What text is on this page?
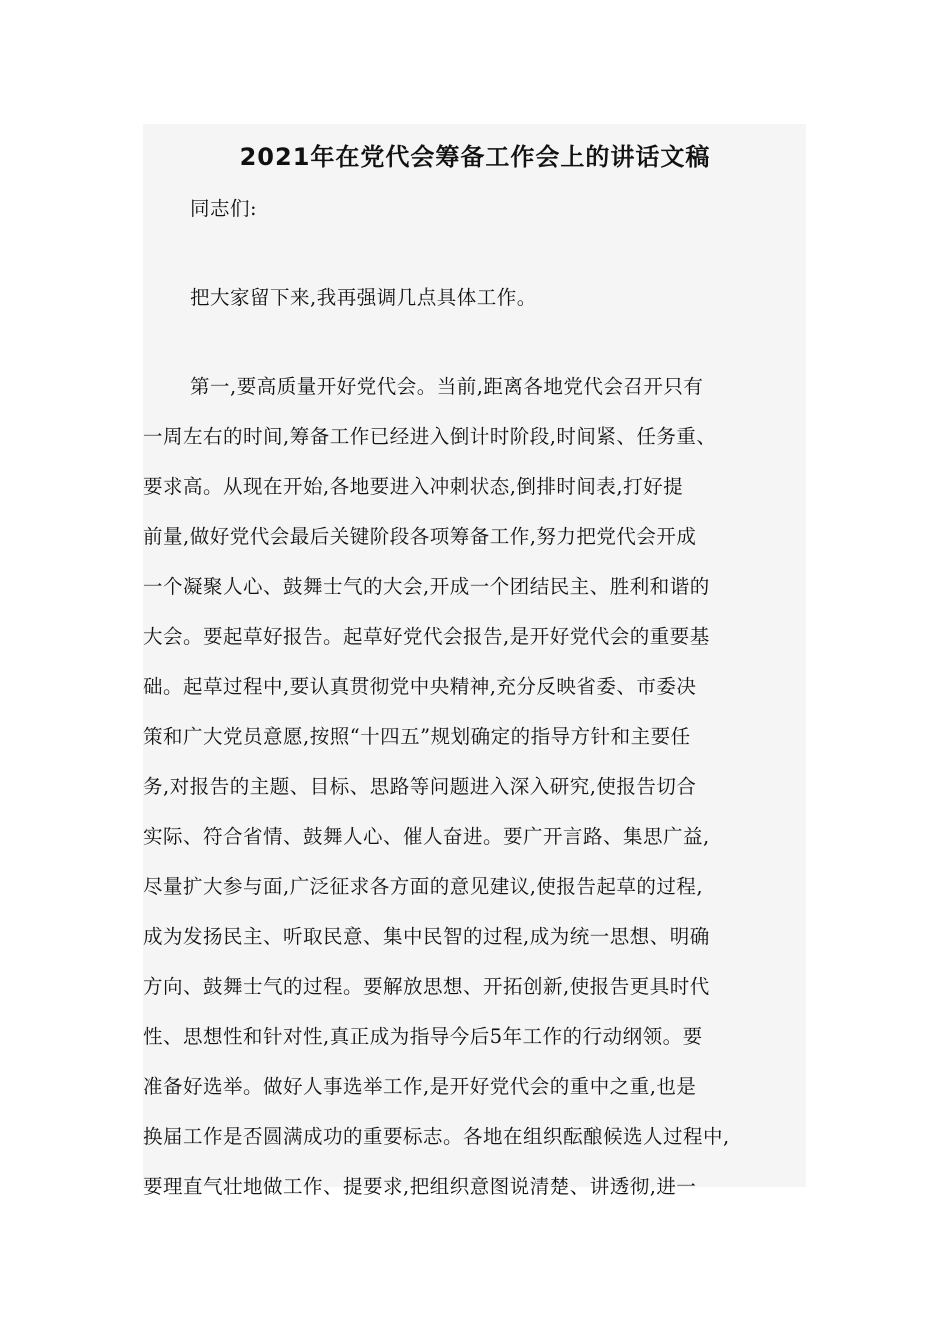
2021年在党代会筹备工作会上的讲话文稿
同志们:
把大家留下来,我再强调几点具体工作。
第一,要高质量开好党代会。当前,距离各地党代会召开只有
一周左右的时间,筹备工作已经进入倒计时阶段,时间紧、任务重、
要求高。从现在开始,各地要进入冲刺状态,倒排时间表,打好提
前量,做好党代会最后关键阶段各项筹备工作,努力把党代会开成
一个凝聚人心、鼓舞士气的大会,开成一个团结民主、胜利和谐的
大会。要起草好报告。起草好党代会报告,是开好党代会的重要基
础。起草过程中,要认真贯彻党中央精神,充分反映省委、市委决
策和广大党员意愿,按照“十四五”规划确定的指导方针和主要任
务,对报告的主题、目标、思路等问题进入深入研究,使报告切合
实际、符合省情、鼓舞人心、催人奋进。要广开言路、集思广益,
尽量扩大参与面,广泛征求各方面的意见建议,使报告起草的过程,
成为发扬民主、听取民意、集中民智的过程,成为统一思想、明确
方向、鼓舞士气的过程。要解放思想、开拓创新,使报告更具时代
性、思想性和针对性,真正成为指导今后5年工作的行动纲领。要
准备好选举。做好人事选举工作,是开好党代会的重中之重,也是
换届工作是否圆满成功的重要标志。各地在组织酝酿候选人过程中,
要理直气壮地做工作、提要求,把组织意图说清楚、讲透彻,进一
